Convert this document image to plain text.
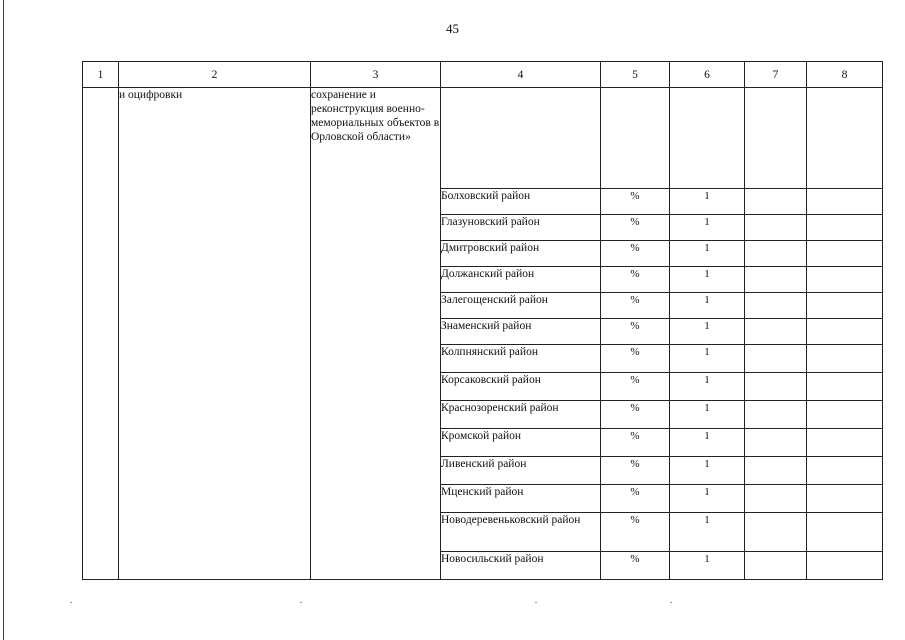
45
1	2	3	4	5	6	7	8
	и оцифровки	сохранение и реконструкция военно-мемориальных объектов в Орловской области»					
			Болховский район	%	1		
			Глазуновский район	%	1		
			Дмитровский район	%	1		
			Должанский район	%	1		
			Залегощенский район	%	1		
			Знаменский район	%	1		
			Колпнянский район	%	1		
			Корсаковский район	%	1		
			Краснозоренский район	%	1		
			Кромской район	%	1		
			Ливенский район	%	1		
			Мценский район	%	1		
			Новодеревеньковский район	%	1		
			Новосильский район	%	1		
